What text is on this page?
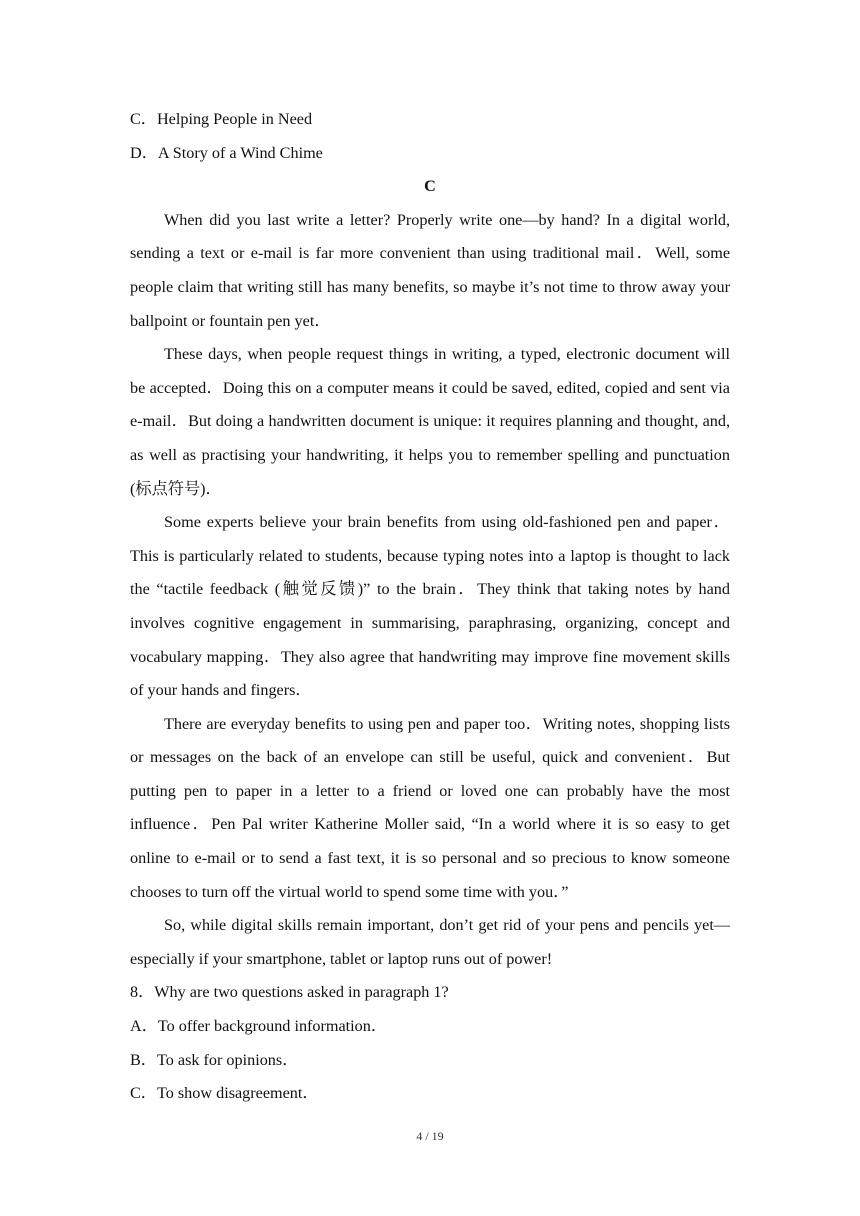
C．Helping People in Need

D．A Story of a Wind Chime

C

When did you last write a letter? Properly write one—by hand? In a digital world, sending a text or e-mail is far more convenient than using traditional mail．Well, some people claim that writing still has many benefits, so maybe it’s not time to throw away your ballpoint or fountain pen yet．

These days, when people request things in writing, a typed, electronic document will be accepted．Doing this on a computer means it could be saved, edited, copied and sent via e-mail．But doing a handwritten document is unique: it requires planning and thought, and, as well as practising your handwriting, it helps you to remember spelling and punctuation (标点符号)．

Some experts believe your brain benefits from using old-fashioned pen and paper．This is particularly related to students, because typing notes into a laptop is thought to lack the “tactile feedback (触觉反馈)” to the brain．They think that taking notes by hand involves cognitive engagement in summarising, paraphrasing, organizing, concept and vocabulary mapping．They also agree that handwriting may improve fine movement skills of your hands and fingers．

There are everyday benefits to using pen and paper too．Writing notes, shopping lists or messages on the back of an envelope can still be useful, quick and convenient．But putting pen to paper in a letter to a friend or loved one can probably have the most influence．Pen Pal writer Katherine Moller said, “In a world where it is so easy to get online to e-mail or to send a fast text, it is so personal and so precious to know someone chooses to turn off the virtual world to spend some time with you．”

So, while digital skills remain important, don’t get rid of your pens and pencils yet—especially if your smartphone, tablet or laptop runs out of power!

8．Why are two questions asked in paragraph 1?

A．To offer background information．

B．To ask for opinions．

C．To show disagreement．

4 / 19
